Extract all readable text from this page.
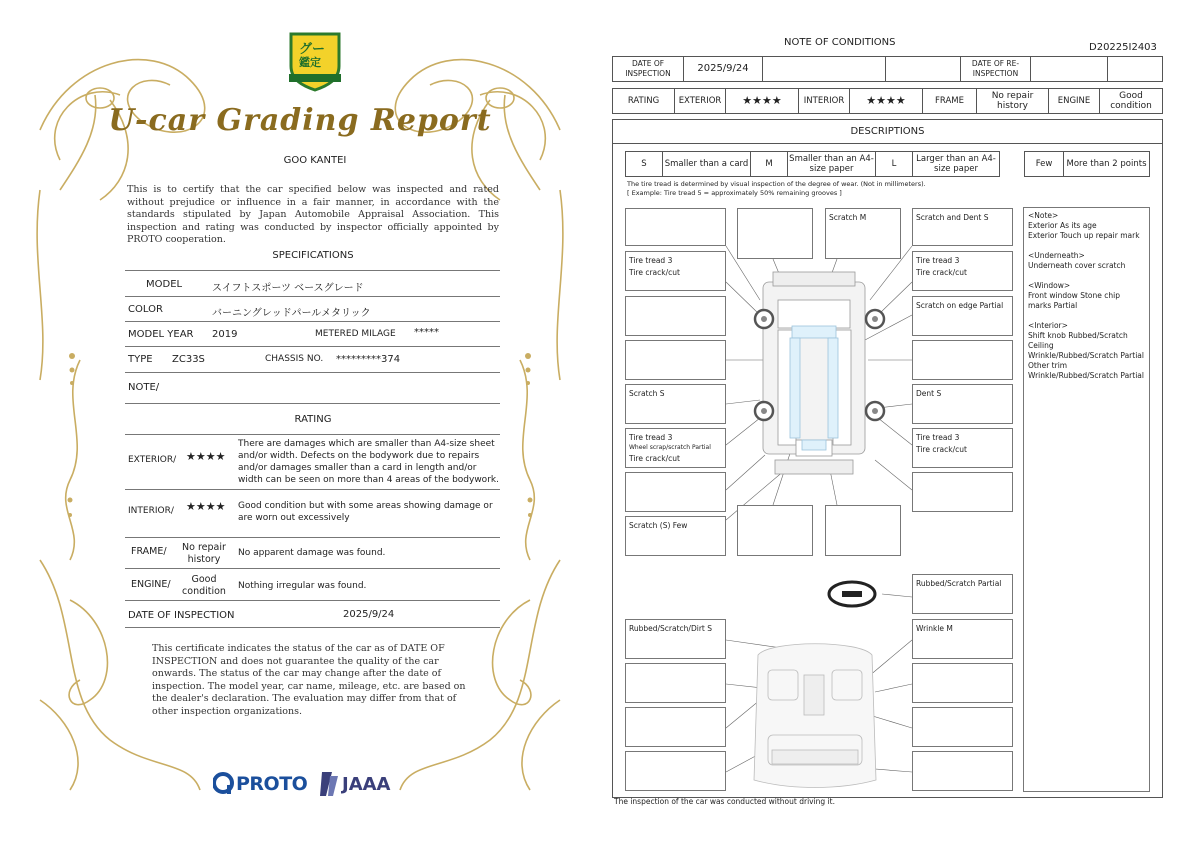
グー
鑑定
U-car Grading Report
GOO KANTEI
This is to certify that the car specified below was inspected and rated without prejudice or influence in a fair manner, in accordance with the standards stipulated by Japan Automobile Appraisal Association. This inspection and rating was conducted by inspector officially appointed by PROTO cooperation.
SPECIFICATIONS
MODEL	スイフトスポーツ ベースグレード
COLOR	バーニングレッドパールメタリック
MODEL YEAR 2019	METERED MILAGE *****
TYPE ZC33S	CHASSIS NO. *********374
NOTE/
RATING
EXTERIOR/ ★★★★
There are damages which are smaller than A4-size sheet and/or width. Defects on the bodywork due to repairs and/or damages smaller than a card in length and/or width can be seen on more than 4 areas of the bodywork.
INTERIOR/ ★★★★ Good condition but with some areas showing damage or are worn out excessively
FRAME/	No repair history
No apparent damage was found.
ENGINE/	Good condition	Nothing irregular was found.
DATE OF INSPECTION	2025/9/24
This certificate indicates the status of the car as of DATE OF INSPECTION and does not guarantee the quality of the car onwards. The status of the car may change after the date of inspection. The model year, car name, mileage, etc. are based on the dealer's declaration. The evaluation may differ from that of other inspection organizations.
PROTO JAAA
NOTE OF CONDITIONS	D20225I2403
DATE OF INSPECTION	2025/9/24	DATE OF RE-INSPECTION
RATING	EXTERIOR	★★★★	INTERIOR	★★★★	FRAME	No repair history	ENGINE	Good condition
DESCRIPTIONS
S	Smaller than a card	M	Smaller than an A4-size paper	L	Larger than an A4-size paper	Few	More than 2 points
The tire tread is determined by visual inspection of the degree of wear. (Not in millimeters).
[ Example: Tire tread 5 = approximately 50% remaining grooves ]
Scratch M	Scratch and Dent S
Tire tread 3
Tire crack/cut
Tire tread 3
Tire crack/cut
Scratch on edge Partial
Scratch S	Dent S
Tire tread 3
Wheel scrap/scratch Partial
Tire crack/cut
Tire tread 3
Tire crack/cut
Scratch (S) Few
Rubbed/Scratch Partial
Rubbed/Scratch/Dirt S	Wrinkle M
<Note>
Exterior As its age
Exterior Touch up repair mark
<Underneath>
Underneath cover scratch
<Window>
Front window Stone chip marks Partial
<Interior>
Shift knob Rubbed/Scratch
Ceiling Wrinkle/Rubbed/Scratch Partial
Other trim Wrinkle/Rubbed/Scratch Partial
The inspection of the car was conducted without driving it.
